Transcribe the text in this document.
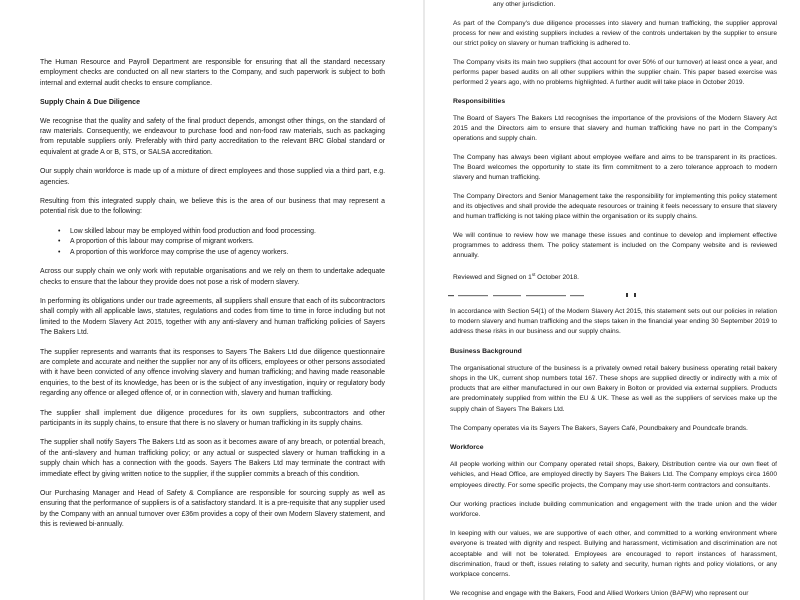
The Human Resource and Payroll Department are responsible for ensuring that all the standard necessary employment checks are conducted on all new starters to the Company, and such paperwork is subject to both internal and external audit checks to ensure compliance.

Supply Chain & Due Diligence

We recognise that the quality and safety of the final product depends, amongst other things, on the standard of raw materials. Consequently, we endeavour to purchase food and non-food raw materials, such as packaging from reputable suppliers only. Preferably with third party accreditation to the relevant BRC Global standard or equivalent at grade A or B, STS, or SALSA accreditation.

Our supply chain workforce is made up of a mixture of direct employees and those supplied via a third part, e.g. agencies.

Resulting from this integrated supply chain, we believe this is the area of our business that may represent a potential risk due to the following:

• Low skilled labour may be employed within food production and food processing.
• A proportion of this labour may comprise of migrant workers.
• A proportion of this workforce may comprise the use of agency workers.

Across our supply chain we only work with reputable organisations and we rely on them to undertake adequate checks to ensure that the labour they provide does not pose a risk of modern slavery.

In performing its obligations under our trade agreements, all suppliers shall ensure that each of its subcontractors shall comply with all applicable laws, statutes, regulations and codes from time to time in force including but not limited to the Modern Slavery Act 2015, together with any anti-slavery and human trafficking policies of Sayers The Bakers Ltd.

The supplier represents and warrants that its responses to Sayers The Bakers Ltd due diligence questionnaire are complete and accurate and neither the supplier nor any of its officers, employees or other persons associated with it have been convicted of any offence involving slavery and human trafficking; and having made reasonable enquiries, to the best of its knowledge, has been or is the subject of any investigation, inquiry or regulatory body regarding any offence or alleged offence of, or in connection with, slavery and human trafficking.

The supplier shall implement due diligence procedures for its own suppliers, subcontractors and other participants in its supply chains, to ensure that there is no slavery or human trafficking in its supply chains.

The supplier shall notify Sayers The Bakers Ltd as soon as it becomes aware of any breach, or potential breach, of the anti-slavery and human trafficking policy; or any actual or suspected slavery or human trafficking in a supply chain which has a connection with the goods. Sayers The Bakers Ltd may terminate the contract with immediate effect by giving written notice to the supplier, if the supplier commits a breach of this condition.

Our Purchasing Manager and Head of Safety & Compliance are responsible for sourcing supply as well as ensuring that the performance of suppliers is of a satisfactory standard. It is a pre-requisite that any supplier used by the Company with an annual turnover over £36m provides a copy of their own Modern Slavery statement, and this is reviewed bi-annually.

any other jurisdiction.

As part of the Company's due diligence processes into slavery and human trafficking, the supplier approval process for new and existing suppliers includes a review of the controls undertaken by the supplier to ensure our strict policy on slavery or human trafficking is adhered to.

The Company visits its main two suppliers (that account for over 50% of our turnover) at least once a year, and performs paper based audits on all other suppliers within the supplier chain. This paper based exercise was performed 2 years ago, with no problems highlighted. A further audit will take place in October 2019.

Responsibilities

The Board of Sayers The Bakers Ltd recognises the importance of the provisions of the Modern Slavery Act 2015 and the Directors aim to ensure that slavery and human trafficking have no part in the Company's operations and supply chain.

The Company has always been vigilant about employee welfare and aims to be transparent in its practices. The Board welcomes the opportunity to state its firm commitment to a zero tolerance approach to modern slavery and human trafficking.

The Company Directors and Senior Management take the responsibility for implementing this policy statement and its objectives and shall provide the adequate resources or training it feels necessary to ensure that slavery and human trafficking is not taking place within the organisation or its supply chains.

We will continue to review how we manage these issues and continue to develop and implement effective programmes to address them. The policy statement is included on the Company website and is reviewed annually.

Reviewed and Signed on 1st October 2018.

In accordance with Section 54(1) of the Modern Slavery Act 2015, this statement sets out our policies in relation to modern slavery and human trafficking and the steps taken in the financial year ending 30 September 2019 to address these risks in our business and our supply chains.

Business Background

The organisational structure of the business is a privately owned retail bakery business operating retail bakery shops in the UK, current shop numbers total 167. These shops are supplied directly or indirectly with a mix of products that are either manufactured in our own Bakery in Bolton or provided via external suppliers. Products are predominately supplied from within the EU & UK. These as well as the suppliers of services make up the supply chain of Sayers The Bakers Ltd.

The Company operates via its Sayers The Bakers, Sayers Café, Poundbakery and Poundcafe brands.

Workforce

All people working within our Company operated retail shops, Bakery, Distribution centre via our own fleet of vehicles, and Head Office, are employed directly by Sayers The Bakers Ltd. The Company employs circa 1600 employees directly. For some specific projects, the Company may use short-term contractors and consultants.

Our working practices include building communication and engagement with the trade union and the wider workforce.

In keeping with our values, we are supportive of each other, and committed to a working environment where everyone is treated with dignity and respect. Bullying and harassment, victimisation and discrimination are not acceptable and will not be tolerated. Employees are encouraged to report instances of harassment, discrimination, fraud or theft, issues relating to safety and security, human rights and policy violations, or any workplace concerns.

We recognise and engage with the Bakers, Food and Allied Workers Union (BAFW) who represent our
